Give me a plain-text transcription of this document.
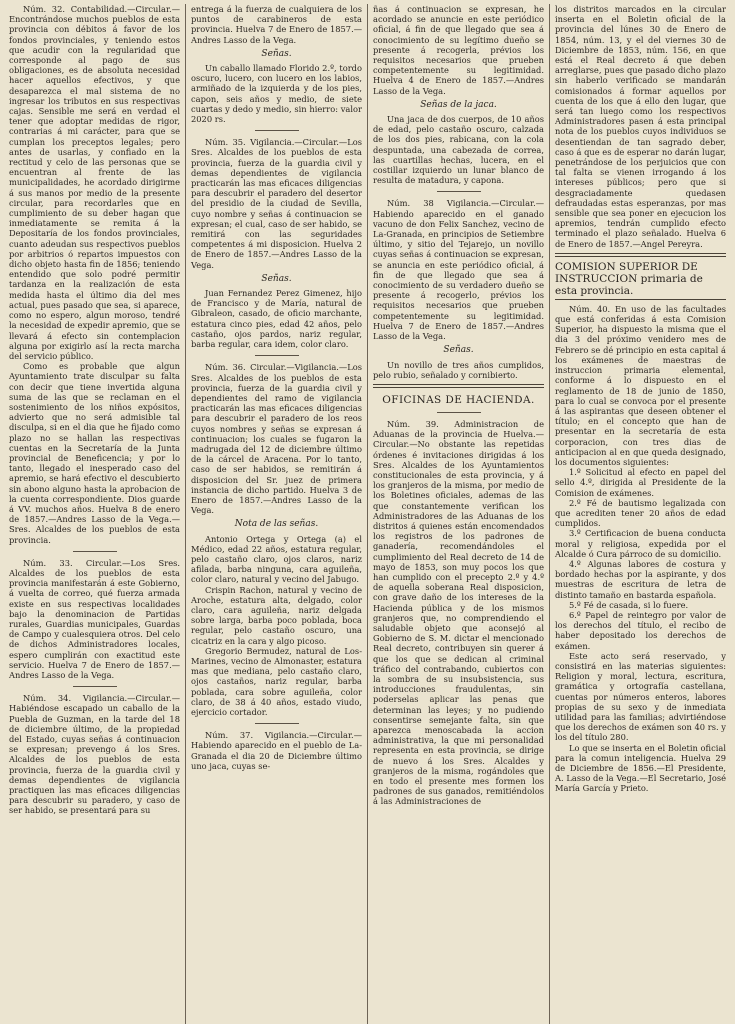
Núm. 32. Contabilidad.—Circular.—Encontrándose muchos pueblos de esta provincia con débitos á favor de los fondos provinciales, y teniendo estos que acudir con la regularidad que corresponde al pago de sus obligaciones, es de absoluta necesidad hacer aquellos efectivos, y que desaparezca el mal sistema de no ingresar los tributos en sus respectivas cajas. Sensible me será en verdad el tener que adoptar medidas de rigor, contrarias á mi carácter, para que se cumplan los preceptos legales; pero antes de usarlas, y confiado en la rectitud y celo de las personas que se encuentran al frente de las municipalidades, he acordado dirigirme á sus manos por medio de la presente circular, para recordarles que en cumplimiento de su deber hagan que inmediatamente se remita á la Depositaría de los fondos provinciales, cuanto adeudan sus respectivos pueblos por arbitrios ó repartos impuestos con dicho objeto hasta fin de 1856; teniendo entendido que solo podré permitir tardanza en la realización de esta medida hasta el último dia del mes actual, pues pasado que sea, si aparece, como no espero, algun moroso, tendré la necesidad de expedir apremio, que se llevará á efecto sin contemplacion alguna por exigirlo así la recta marcha del servicio público.

Como es probable que algun Ayuntamiento trate disculpar su falta con decir que tiene invertida alguna suma de las que se reclaman en el sostenimiento de los niños expósitos, advierto que no será admisible tal disculpa, si en el dia que he fijado como plazo no se hallan las respectivas cuentas en la Secretaría de la Junta provincial de Beneficencia; y por lo tanto, llegado el inesperado caso del apremio, se hará efectivo el descubierto sin abono alguno hasta la aprobacion de la cuenta correspondiente. Dios guarde á VV. muchos años. Huelva 8 de enero de 1857.—Andres Lasso de la Vega.—Sres. Alcaldes de los pueblos de esta provincia.

Núm. 33. Circular.—Los Sres. Alcaldes de los pueblos de esta provincia manifestarán á este Gobierno, á vuelta de correo, qué fuerza armada existe en sus respectivas localidades bajo la denominacion de Partidas rurales, Guardias municipales, Guardas de Campo y cualesquiera otros. Del celo de dichos Administradores locales, espero cumplirán con exactitud este servicio. Huelva 7 de Enero de 1857.—Andres Lasso de la Vega.

Núm. 34. Vigilancia.—Circular.—Habiéndose escapado un caballo de la Puebla de Guzman, en la tarde del 18 de diciembre último, de la propiedad del Estado, cuyas señas á continuacion se expresan; prevengo á los Sres. Alcaldes de los pueblos de esta provincia, fuerza de la guardia civil y demas dependientes de vigilancia practiquen las mas eficaces diligencias para descubrir su paradero, y caso de ser habido, se presentará para su

entrega á la fuerza de cualquiera de los puntos de carabineros de esta provincia. Huelva 7 de Enero de 1857.—Andres Lasso de la Vega.

Señas.

Un caballo llamado Florido 2.º, tordo oscuro, lucero, con lucero en los labios, armiñado de la izquierda y de los pies, capon, seis años y medio, de siete cuartas y dedo y medio, sin hierro: valor 2020 rs.

Núm. 35. Vigilancia.—Circular.—Los Sres. Alcaldes de los pueblos de esta provincia, fuerza de la guardia civil y demas dependientes de vigilancia practicarán las mas eficaces diligencias para descubrir el paradero del desertor del presidio de la ciudad de Sevilla, cuyo nombre y señas á continuacion se expresan; el cual, caso de ser habido, se remitirá con las seguridades competentes á mi disposicion. Huelva 2 de Enero de 1857.—Andres Lasso de la Vega.

Señas.

Juan Fernandez Perez Gimenez, hijo de Francisco y de María, natural de Gibraleon, casado, de oficio marchante, estatura cinco pies, edad 42 años, pelo castaño, ojos pardos, nariz regular, barba regular, cara idem, color claro.

Núm. 36. Circular.—Vigilancia.—Los Sres. Alcaldes de los pueblos de esta provincia, fuerza de la guardia civil y dependientes del ramo de vigilancia practicarán las mas eficaces diligencias para descubrir el paradero de los reos cuyos nombres y señas se expresan á continuacion; los cuales se fugaron la madrugada del 12 de diciembre último de la cárcel de Aracena. Por lo tanto, caso de ser habidos, se remitirán á disposicion del Sr. juez de primera instancia de dicho partido. Huelva 3 de Enero de 1857.—Andres Lasso de la Vega.

Nota de las señas.

Antonio Ortega y Ortega (a) el Médico, edad 22 años, estatura regular, pelo castaño claro, ojos claros, nariz afilada, barba ninguna, cara aguileña, color claro, natural y vecino del Jabugo.

Crispin Rachon, natural y vecino de Aroche, estatura alta, delgado, color claro, cara aguileña, nariz delgada sobre larga, barba poco poblada, boca regular, pelo castaño oscuro, una cicatriz en la cara y algo picoso.

Gregorio Bermudez, natural de Los-Marines, vecino de Almonaster, estatura mas que mediana, pelo castaño claro, ojos castaños, nariz regular, barba poblada, cara sobre aguileña, color claro, de 38 á 40 años, estado viudo, ejercicio cortador.

Núm. 37. Vigilancia.—Circular.—Habiendo aparecido en el pueblo de La-Granada el dia 20 de Diciembre último uno jaca, cuyas se-

ñas á continuacion se expresan, he acordado se anuncie en este periódico oficial, á fin de que llegado que sea á conocimiento de su legítimo dueño se presente á recogerla, prévios los requisitos necesarios que prueben competentemente su legitimidad. Huelva 4 de Enero de 1857.—Andres Lasso de la Vega.

Señas de la jaca.

Una jaca de dos cuerpos, de 10 años de edad, pelo castaño oscuro, calzada de los dos pies, rabicana, con la cola despuntada, una cabezada de correa, las cuartillas hechas, lucera, en el costillar izquierdo un lunar blanco de resulta de matadura, y capona.

Núm. 38 Vigilancia.—Circular.—Habiendo aparecido en el ganado vacuno de don Felix Sanchez, vecino de La-Granada, en principios de Setiembre último, y sitio del Tejarejo, un novillo cuyas señas á continuacion se expresan, se anuncia en este periódico oficial, á fin de que llegado que sea á conocimiento de su verdadero dueño se presente á recogerlo, prévios los requisitos necesarios que prueben competentemente su legitimidad. Huelva 7 de Enero de 1857.—Andres Lasso de la Vega.

Señas.

Un novillo de tres años cumplidos, pelo rubio, señalado y cornibierto.

OFICINAS DE HACIENDA.

Núm. 39. Administracion de Aduanas de la provincia de Huelva.—Circular.—No obstante las repetidas órdenes é invitaciones dirigidas á los Sres. Alcaldes de los Ayuntamientos constitucionales de esta provincia, y á los granjeros de la misma, por medio de los Boletines oficiales, ademas de las que constantemente verifican los Administradores de las Aduanas de los distritos á quienes están encomendados los registros de los padrones de ganadería, recomendándoles el cumplimiento del Real decreto de 14 de mayo de 1853, son muy pocos los que han cumplido con el precepto 2.º y 4.º de aquella soberana Real disposicion, con grave daño de los intereses de la Hacienda pública y de los mismos granjeros que, no comprendiendo el saludable objeto que aconsejó al Gobierno de S. M. dictar el mencionado Real decreto, contribuyen sin querer á que los que se dedican al criminal tráfico del contrabando, cubiertos con la sombra de su insubsistencia, sus introducciones fraudulentas, sin poderselas aplicar las penas que determinan las leyes; y no pudiendo consentirse semejante falta, sin que aparezca menoscabada la accion administrativa, la que mi personalidad representa en esta provincia, se dirige de nuevo á los Sres. Alcaldes y granjeros de la misma, rogándoles que en todo el presente mes formen los padrones de sus ganados, remitiéndolos á las Administraciones de

los distritos marcados en la circular inserta en el Boletin oficial de la provincia del lúnes 30 de Enero de 1854, núm. 13, y el del viernes 30 de Diciembre de 1853, núm. 156, en que está el Real decreto á que deben arreglarse, pues que pasado dicho plazo sin haberlo verificado se mandarán comisionados á formar aquellos por cuenta de los que á ello den lugar, que será tan luego como los respectivos Administradores pasen á esta principal nota de los pueblos cuyos individuos se desentiendan de tan sagrado deber, caso á que es de esperar no darán lugar, penetrándose de los perjuicios que con tal falta se vienen irrogando á los intereses públicos; pero que si desgraciadamente quedasen defraudadas estas esperanzas, por mas sensible que sea poner en ejecucion los apremios, tendrán cumplido efecto terminado el plazo señalado. Huelva 6 de Enero de 1857.—Angel Pereyra.

COMISION SUPERIOR DE INSTRUCCION primaria de esta provincia.

Núm. 40. En uso de las facultades que está conferidas á esta Comision Superior, ha dispuesto la misma que el dia 3 del próximo venidero mes de Febrero se dé principio en esta capital á los exámenes de maestras de instruccion primaria elemental, conforme á lo dispuesto en el reglamento de 18 de junio de 1850, para lo cual se convoca por el presente á las aspirantas que deseen obtener el título; en el concepto que han de presentar en la secretaría de esta corporacion, con tres dias de anticipacion al en que queda designado, los documentos siguientes:

1.º Solicitud al efecto en papel del sello 4.º, dirigida al Presidente de la Comision de exámenes.

2.º Fé de bautismo legalizada con que acrediten tener 20 años de edad cumplidos.

3.º Certificacion de buena conducta moral y religiosa, expedida por el Alcalde ó Cura párroco de su domicilio.

4.º Algunas labores de costura y bordado hechas por la aspirante, y dos muestras de escritura de letra de distinto tamaño en bastarda española.

5.º Fé de casada, si lo fuere.

6.º Papel de reintegro por valor de los derechos del título, el recibo de haber depositado los derechos de exámen.

Este acto será reservado, y consistirá en las materias siguientes: Religion y moral, lectura, escritura, gramática y ortografía castellana, cuentas por números enteros, labores propias de su sexo y de inmediata utilidad para las familias; advirtiéndose que los derechos de exámen son 40 rs. y los del título 280.

Lo que se inserta en el Boletin oficial para la comun inteligencia. Huelva 29 de Diciembre de 1856.—El Presidente, A. Lasso de la Vega.—El Secretario, José María García y Prieto.
